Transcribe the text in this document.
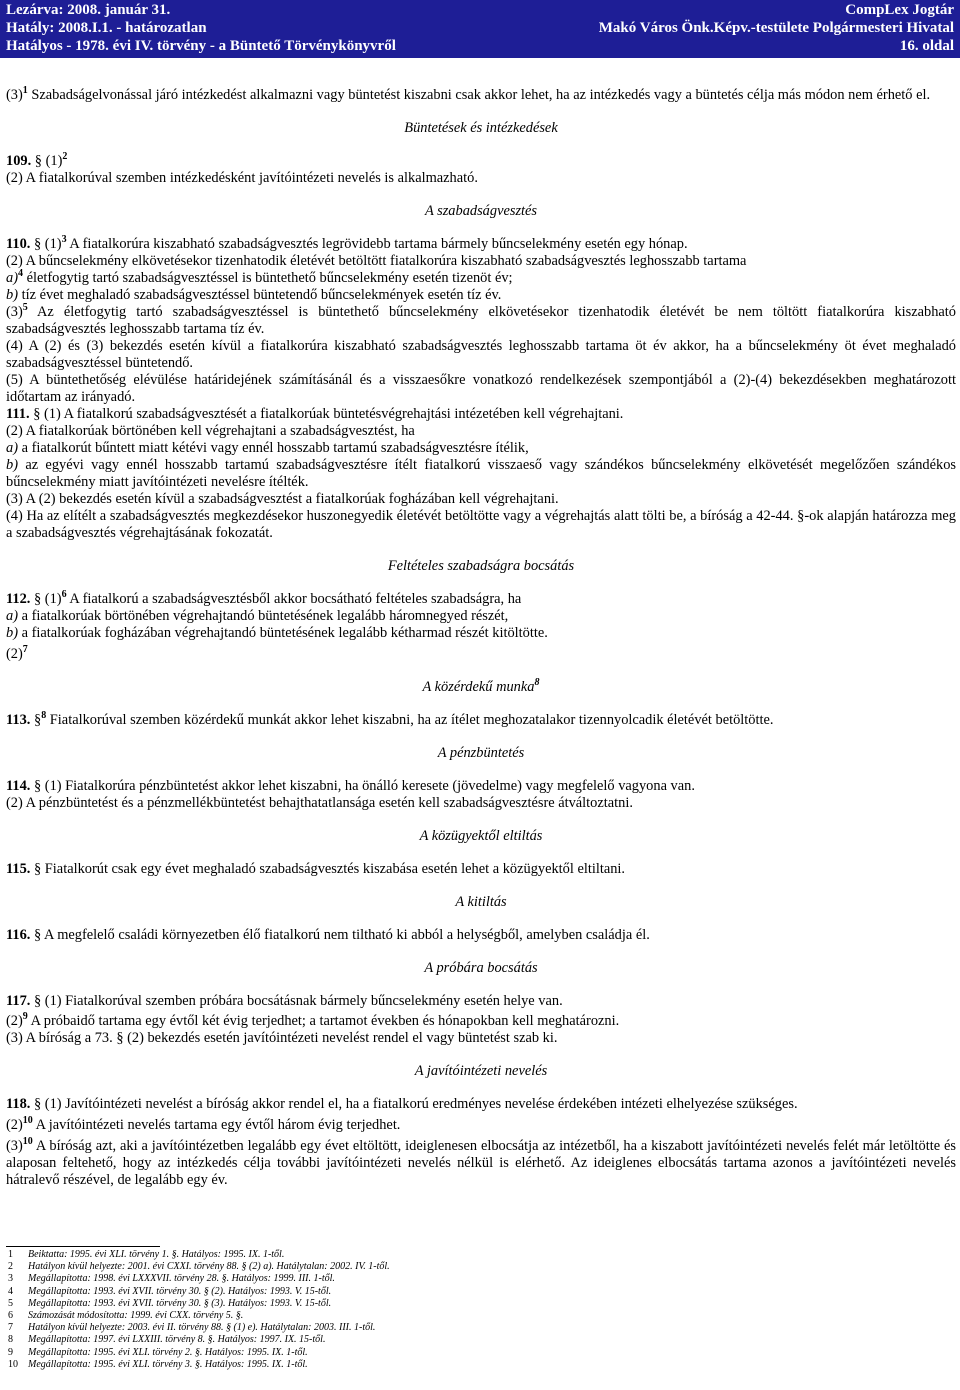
Lezárva: 2008. január 31.
Hatály: 2008.I.1. - határozatlan
Hatályos - 1978. évi IV. törvény - a Büntető Törvénykönyvről
CompLex Jogtár
Makó Város Önk.Képv.-testülete Polgármesteri Hivatal
16. oldal

$(3)^1$ Szabadságelvonással járó intézkedést alkalmazni vagy büntetést kiszabni csak akkor lehet, ha az intézkedés vagy a büntetés célja más módon nem érhető el.

Büntetések és intézkedések

109. § $(1)^2$

(2) A fiatalkorúval szemben intézkedésként javítóintézeti nevelés is alkalmazható.

A szabadságvesztés

110. § $(1)^3$ A fiatalkorúra kiszabható szabadságvesztés legrövidebb tartama bármely bűncselekmény esetén egy hónap.

(2) A bűncselekmény elkövetésekor tizenhatodik életévét betöltött fiatalkorúra kiszabható szabadságvesztés leghosszabb tartama

a)$^4$ életfogytig tartó szabadságvesztéssel is büntethető bűncselekmény esetén tizenöt év;

b) tíz évet meghaladó szabadságvesztéssel büntetendő bűncselekmények esetén tíz év.

$(3)^5$ Az életfogytig tartó szabadságvesztéssel is büntethető bűncselekmény elkövetésekor tizenhatodik életévét be nem töltött fiatalkorúra kiszabható szabadságvesztés leghosszabb tartama tíz év.

(4) A (2) és (3) bekezdés esetén kívül a fiatalkorúra kiszabható szabadságvesztés leghosszabb tartama öt év akkor, ha a bűncselekmény öt évet meghaladó szabadságvesztéssel büntetendő.

(5) A büntethetőség elévülése határidejének számításánál és a visszaesőkre vonatkozó rendelkezések szempontjából a (2)-(4) bekezdésekben meghatározott időtartam az irányadó.

111. § (1) A fiatalkorú szabadságvesztését a fiatalkorúak büntetésvégrehajtási intézetében kell végrehajtani.

(2) A fiatalkorúak börtönében kell végrehajtani a szabadságvesztést, ha

a) a fiatalkorút bűntett miatt kétévi vagy ennél hosszabb tartamú szabadságvesztésre ítélik,

b) az egyévi vagy ennél hosszabb tartamú szabadságvesztésre ítélt fiatalkorú visszaeső vagy szándékos bűncselekmény elkövetését megelőzően szándékos bűncselekmény miatt javítóintézeti nevelésre ítélték.

(3) A (2) bekezdés esetén kívül a szabadságvesztést a fiatalkorúak fogházában kell végrehajtani.

(4) Ha az elítélt a szabadságvesztés megkezdésekor huszonegyedik életévét betöltötte vagy a végrehajtás alatt tölti be, a bíróság a 42-44. §-ok alapján határozza meg a szabadságvesztés végrehajtásának fokozatát.

Feltételes szabadságra bocsátás

112. § $(1)^6$ A fiatalkorú a szabadságvesztésből akkor bocsátható feltételes szabadságra, ha

a) a fiatalkorúak börtönében végrehajtandó büntetésének legalább háromnegyed részét,

b) a fiatalkorúak fogházában végrehajtandó büntetésének legalább kétharmad részét kitöltötte.

$(2)^7$

A közérdekű munka$^8$

113. §$^8$ Fiatalkorúval szemben közérdekű munkát akkor lehet kiszabni, ha az ítélet meghozatalakor tizennyolcadik életévét betöltötte.

A pénzbüntetés

114. § (1) Fiatalkorúra pénzbüntetést akkor lehet kiszabni, ha önálló keresete (jövedelme) vagy megfelelő vagyona van.

(2) A pénzbüntetést és a pénzmellékbüntetést behajthatatlansága esetén kell szabadságvesztésre átváltoztatni.

A közügyektől eltiltás

115. § Fiatalkorút csak egy évet meghaladó szabadságvesztés kiszabása esetén lehet a közügyektől eltiltani.

A kitiltás

116. § A megfelelő családi környezetben élő fiatalkorú nem tiltható ki abból a helységből, amelyben családja él.

A próbára bocsátás

117. § (1) Fiatalkorúval szemben próbára bocsátásnak bármely bűncselekmény esetén helye van.

$(2)^9$ A próbaidő tartama egy évtől két évig terjedhet; a tartamot években és hónapokban kell meghatározni.

(3) A bíróság a 73. § (2) bekezdés esetén javítóintézeti nevelést rendel el vagy büntetést szab ki.

A javítóintézeti nevelés

118. § (1) Javítóintézeti nevelést a bíróság akkor rendel el, ha a fiatalkorú eredményes nevelése érdekében intézeti elhelyezése szükséges.

$(2)^{10}$ A javítóintézeti nevelés tartama egy évtől három évig terjedhet.

$(3)^{10}$ A bíróság azt, aki a javítóintézetben legalább egy évet eltöltött, ideiglenesen elbocsátja az intézetből, ha a kiszabott javítóintézeti nevelés felét már letöltötte és alaposan feltehető, hogy az intézkedés célja további javítóintézeti nevelés nélkül is elérhető. Az ideiglenes elbocsátás tartama azonos a javítóintézeti nevelés hátralevő részével, de legalább egy év.

1 Beiktatta: 1995. évi XLI. törvény 1. §. Hatályos: 1995. IX. 1-től.
2 Hatályon kívül helyezte: 2001. évi CXXI. törvény 88. § (2) a). Hatálytalan: 2002. IV. 1-től.
3 Megállapította: 1998. évi LXXXVII. törvény 28. §. Hatályos: 1999. III. 1-től.
4 Megállapította: 1993. évi XVII. törvény 30. § (2). Hatályos: 1993. V. 15-től.
5 Megállapította: 1993. évi XVII. törvény 30. § (3). Hatályos: 1993. V. 15-től.
6 Számozását módosította: 1999. évi CXX. törvény 5. §.
7 Hatályon kívül helyezte: 2003. évi II. törvény 88. § (1) e). Hatálytalan: 2003. III. 1-től.
8 Megállapította: 1997. évi LXXIII. törvény 8. §. Hatályos: 1997. IX. 15-től.
9 Megállapította: 1995. évi XLI. törvény 2. §. Hatályos: 1995. IX. 1-től.
10 Megállapította: 1995. évi XLI. törvény 3. §. Hatályos: 1995. IX. 1-től.
